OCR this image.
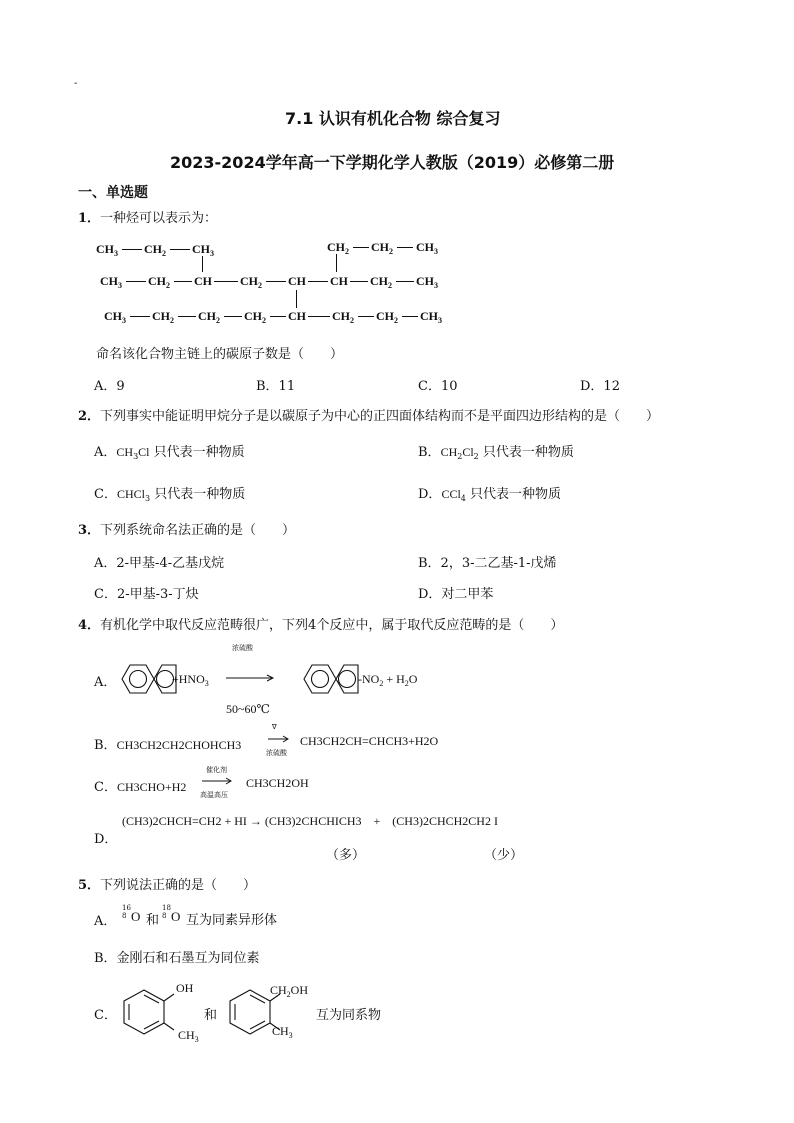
-
7.1 认识有机化合物 综合复习
2023-2024学年高一下学期化学人教版（2019）必修第二册
一、单选题
1．一种烃可以表示为：
$CH_3$ $CH_2$ $CH_3$	$CH_2$ $CH_2$ $CH_3$
$CH_3$ $CH_2$ CH $CH_2$ CH CH $CH_2$ $CH_3$
$CH_3$ $CH_2$ $CH_2$ $CH_2$ CH $CH_2$ $CH_2$ $CH_3$
命名该化合物主链上的碳原子数是（　　）
A．9	B．11	C．10	D．12
2．下列事实中能证明甲烷分子是以碳原子为中心的正四面体结构而不是平面四边形结构的是（　　）
A．$CH_3Cl$ 只代表一种物质	B．$CH_2Cl_2$ 只代表一种物质
C．CHCl$_3$ 只代表一种物质	D．CCl$_4$ 只代表一种物质
3．下列系统命名法正确的是（　　）
A．2-甲基-4-乙基戊烷	B．2，3-二乙基-1-戊烯
C．2-甲基-3-丁炔	D．对二甲苯
4．有机化学中取代反应范畴很广，下列4个反应中，属于取代反应范畴的是（　　）
A．	$+HNO_3$
浓硫酸
50~60℃
$-NO_2 + H_2O$
B．CH3CH2CH2CHOHCH3
∇
浓硫酸
CH3CH2CH=CHCH3+H2O
C．CH3CHO+H2
催化剂
高温高压
CH3CH2OH
D．
(CH3)2CHCH=CH2 + HI → (CH3)2CHCHICH3　+　(CH3)2CHCH2CH2 I
（多）	（少）
5．下列说法正确的是（　　）
A．
16
8 O 和
18
8 O 互为同素异形体
B．金刚石和石墨互为同位素
C．
OH
$CH_3$
和
$CH_2OH$
$CH_3$
互为同系物
